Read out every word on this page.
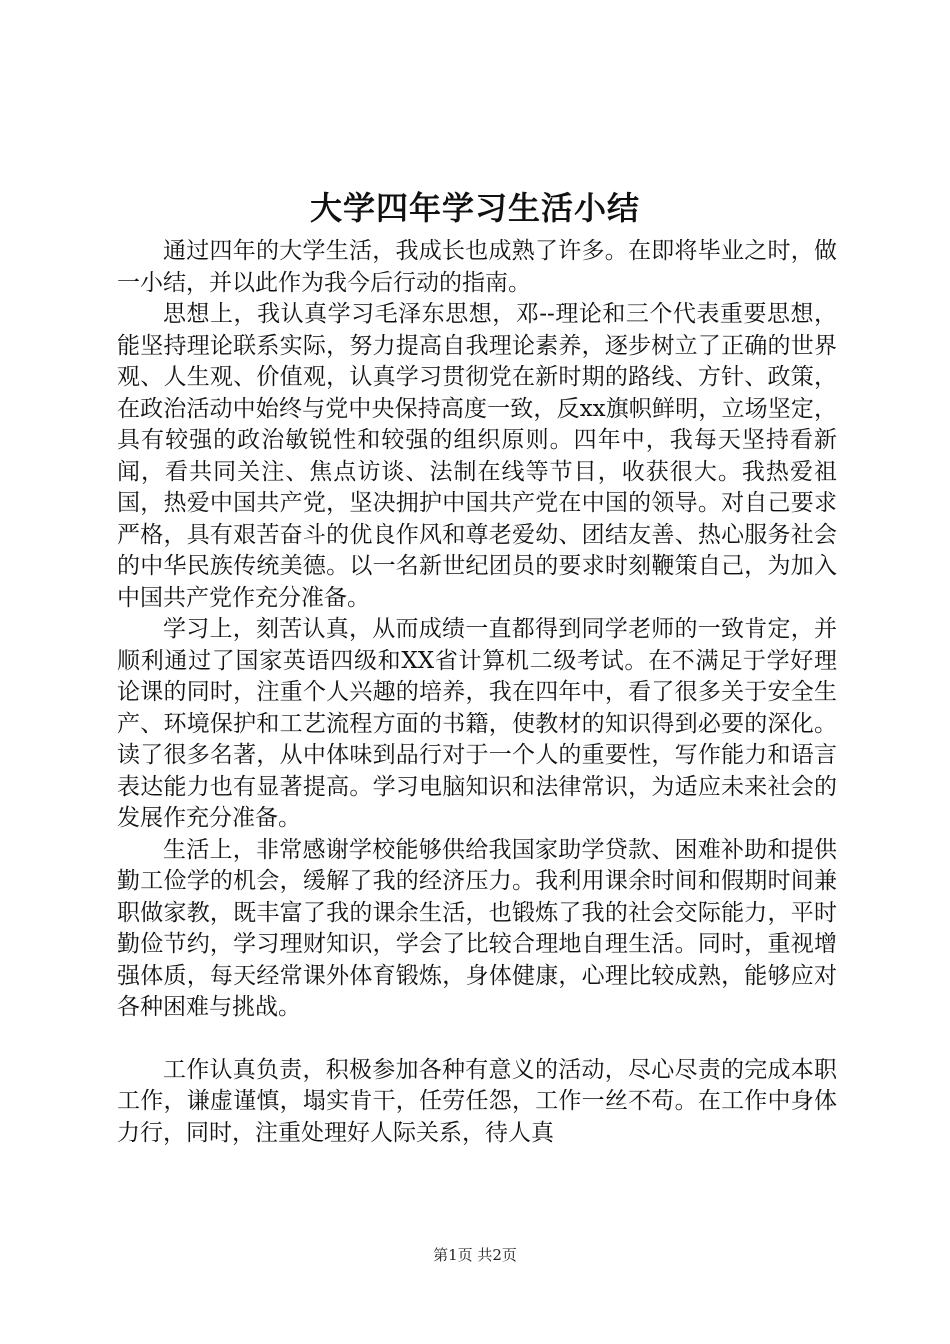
大学四年学习生活小结

通过四年的大学生活，我成长也成熟了许多。在即将毕业之时，做一小结，并以此作为我今后行动的指南。

思想上，我认真学习毛泽东思想，邓--理论和三个代表重要思想，能坚持理论联系实际，努力提高自我理论素养，逐步树立了正确的世界观、人生观、价值观，认真学习贯彻党在新时期的路线、方针、政策，在政治活动中始终与党中央保持高度一致，反xx旗帜鲜明，立场坚定，具有较强的政治敏锐性和较强的组织原则。四年中，我每天坚持看新闻，看共同关注、焦点访谈、法制在线等节目，收获很大。我热爱祖国，热爱中国共产党，坚决拥护中国共产党在中国的领导。对自己要求严格，具有艰苦奋斗的优良作风和尊老爱幼、团结友善、热心服务社会的中华民族传统美德。以一名新世纪团员的要求时刻鞭策自己，为加入中国共产党作充分准备。

学习上，刻苦认真，从而成绩一直都得到同学老师的一致肯定，并顺利通过了国家英语四级和XX省计算机二级考试。在不满足于学好理论课的同时，注重个人兴趣的培养，我在四年中，看了很多关于安全生产、环境保护和工艺流程方面的书籍，使教材的知识得到必要的深化。读了很多名著，从中体味到品行对于一个人的重要性，写作能力和语言表达能力也有显著提高。学习电脑知识和法律常识，为适应未来社会的发展作充分准备。

生活上，非常感谢学校能够供给我国家助学贷款、困难补助和提供勤工俭学的机会，缓解了我的经济压力。我利用课余时间和假期时间兼职做家教，既丰富了我的课余生活，也锻炼了我的社会交际能力，平时勤俭节约，学习理财知识，学会了比较合理地自理生活。同时，重视增强体质，每天经常课外体育锻炼，身体健康，心理比较成熟，能够应对各种困难与挑战。

工作认真负责，积极参加各种有意义的活动，尽心尽责的完成本职工作，谦虚谨慎，塌实肯干，任劳任怨，工作一丝不苟。在工作中身体力行，同时，注重处理好人际关系，待人真

第1页 共2页
